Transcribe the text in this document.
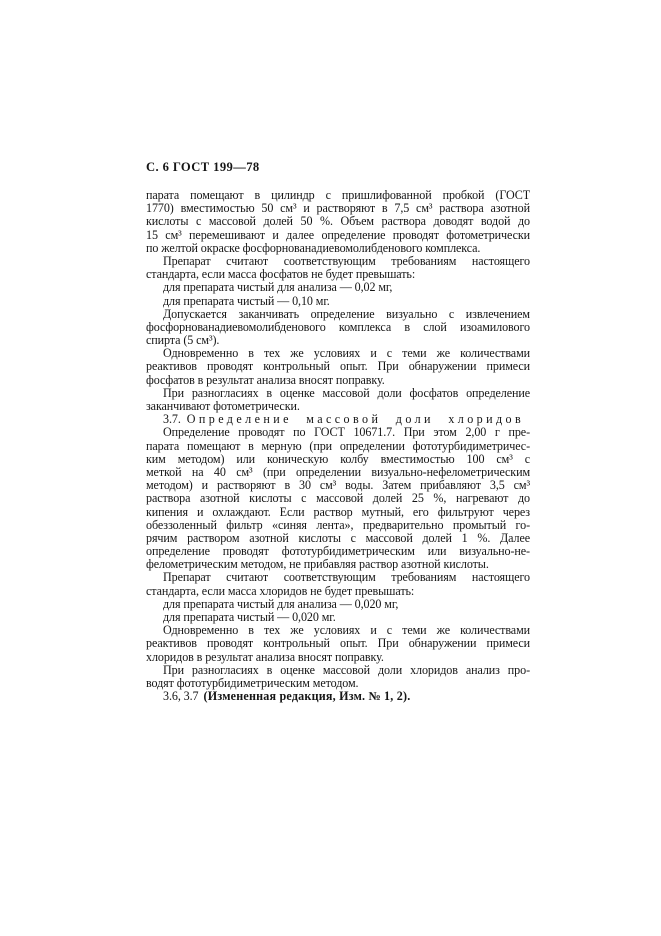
С. 6 ГОСТ 199—78
парата помещают в цилиндр с пришлифованной пробкой (ГОСТ
1770) вместимостью 50 см³ и растворяют в 7,5 см³ раствора азотной
кислоты с массовой долей 50 %. Объем раствора доводят водой до
15 см³ перемешивают и далее определение проводят фотометрически
по желтой окраске фосфорнованадиевомолибденового комплекса.
Препарат считают соответствующим требованиям настоящего
стандарта, если масса фосфатов не будет превышать:
для препарата чистый для анализа — 0,02 мг,
для препарата чистый — 0,10 мг.
Допускается заканчивать определение визуально с извлечением
фосфорнованадиевомолибденового комплекса в слой изоамилового
спирта (5 см³).
Одновременно в тех же условиях и с теми же количествами
реактивов проводят контрольный опыт. При обнаружении примеси
фосфатов в результат анализа вносят поправку.
При разногласиях в оценке массовой доли фосфатов определение
заканчивают фотометрически.
3.7. Определение массовой доли хлоридов
Определение проводят по ГОСТ 10671.7. При этом 2,00 г пре-
парата помещают в мерную (при определении фототурбидиметричес-
ким методом) или коническую колбу вместимостью 100 см³ с
меткой на 40 см³ (при определении визуально-нефелометрическим
методом) и растворяют в 30 см³ воды. Затем прибавляют 3,5 см³
раствора азотной кислоты с массовой долей 25 %, нагревают до
кипения и охлаждают. Если раствор мутный, его фильтруют через
обеззоленный фильтр «синяя лента», предварительно промытый го-
рячим раствором азотной кислоты с массовой долей 1 %. Далее
определение проводят фототурбидиметрическим или визуально-не-
фелометрическим методом, не прибавляя раствор азотной кислоты.
Препарат считают соответствующим требованиям настоящего
стандарта, если масса хлоридов не будет превышать:
для препарата чистый для анализа — 0,020 мг,
для препарата чистый — 0,020 мг.
Одновременно в тех же условиях и с теми же количествами
реактивов проводят контрольный опыт. При обнаружении примеси
хлоридов в результат анализа вносят поправку.
При разногласиях в оценке массовой доли хлоридов анализ про-
водят фототурбидиметрическим методом.
3.6, 3.7 (Измененная редакция, Изм. № 1, 2).
